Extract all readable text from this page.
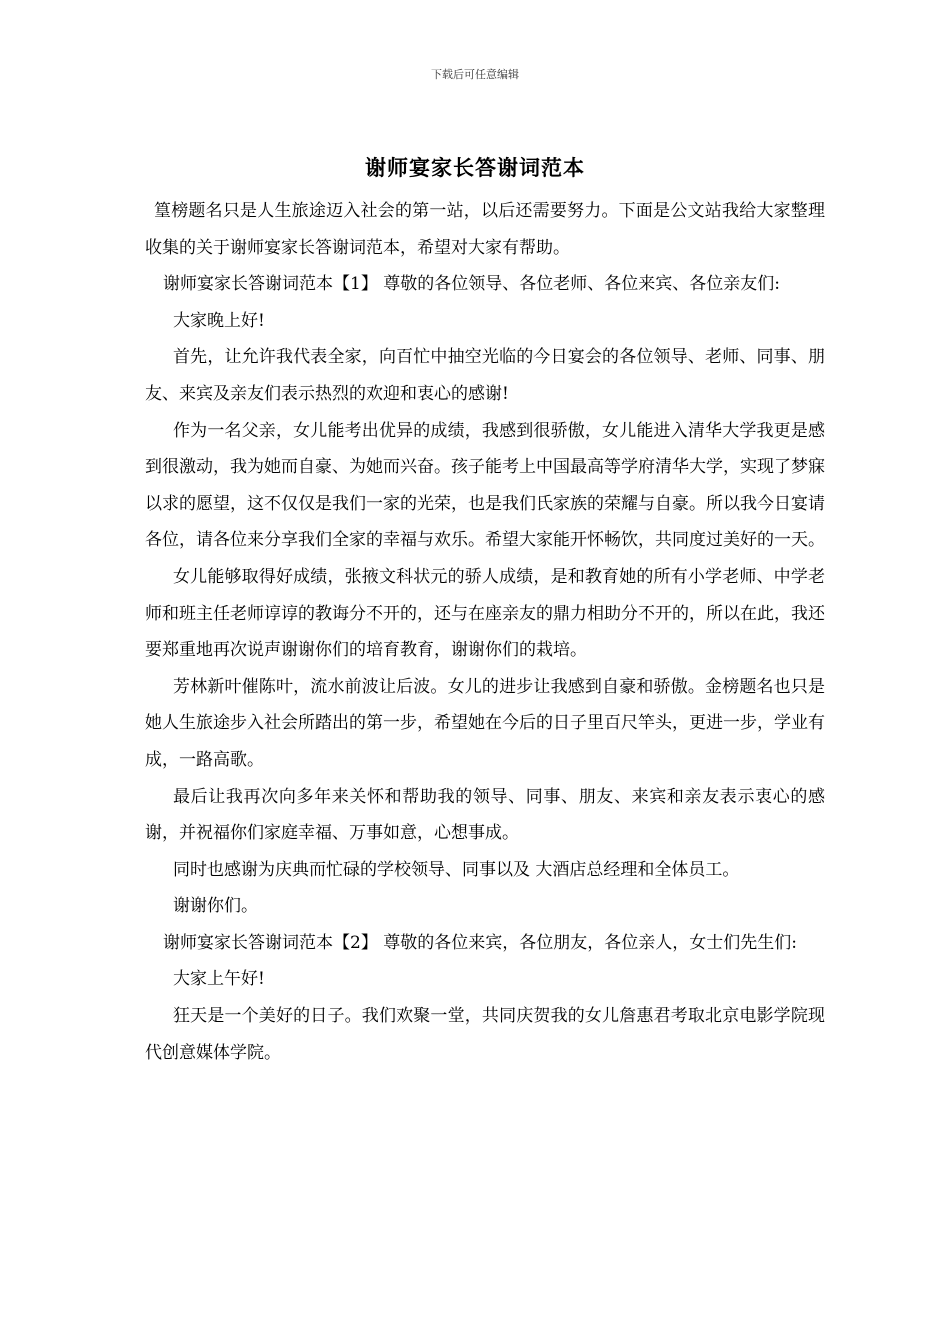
下载后可任意编辑
谢师宴家长答谢词范本

篁榜题名只是人生旅途迈入社会的第一站，以后还需要努力。下面是公文站我给大家整理收集的关于谢师宴家长答谢词范本，希望对大家有帮助。

谢师宴家长答谢词范本【1】 尊敬的各位领导、各位老师、各位来宾、各位亲友们:

大家晚上好!

首先，让允许我代表全家，向百忙中抽空光临的今日宴会的各位领导、老师、同事、朋友、来宾及亲友们表示热烈的欢迎和衷心的感谢!

作为一名父亲，女儿能考出优异的成绩，我感到很骄傲，女儿能进入清华大学我更是感到很激动，我为她而自豪、为她而兴奋。孩子能考上中国最高等学府清华大学，实现了梦寐以求的愿望，这不仅仅是我们一家的光荣，也是我们氏家族的荣耀与自豪。所以我今日宴请各位，请各位来分享我们全家的幸福与欢乐。希望大家能开怀畅饮，共同度过美好的一天。

女儿能够取得好成绩，张掖文科状元的骄人成绩，是和教育她的所有小学老师、中学老师和班主任老师谆谆的教诲分不开的，还与在座亲友的鼎力相助分不开的，所以在此，我还要郑重地再次说声谢谢你们的培育教育，谢谢你们的栽培。

芳林新叶催陈叶，流水前波让后波。女儿的进步让我感到自豪和骄傲。金榜题名也只是她人生旅途步入社会所踏出的第一步，希望她在今后的日子里百尺竿头，更进一步，学业有成，一路高歌。

最后让我再次向多年来关怀和帮助我的领导、同事、朋友、来宾和亲友表示衷心的感谢，并祝福你们家庭幸福、万事如意，心想事成。

同时也感谢为庆典而忙碌的学校领导、同事以及 大酒店总经理和全体员工。

谢谢你们。

谢师宴家长答谢词范本【2】 尊敬的各位来宾，各位朋友，各位亲人，女士们先生们:

大家上午好!

狂天是一个美好的日子。我们欢聚一堂，共同庆贺我的女儿詹惠君考取北京电影学院现代创意媒体学院。
